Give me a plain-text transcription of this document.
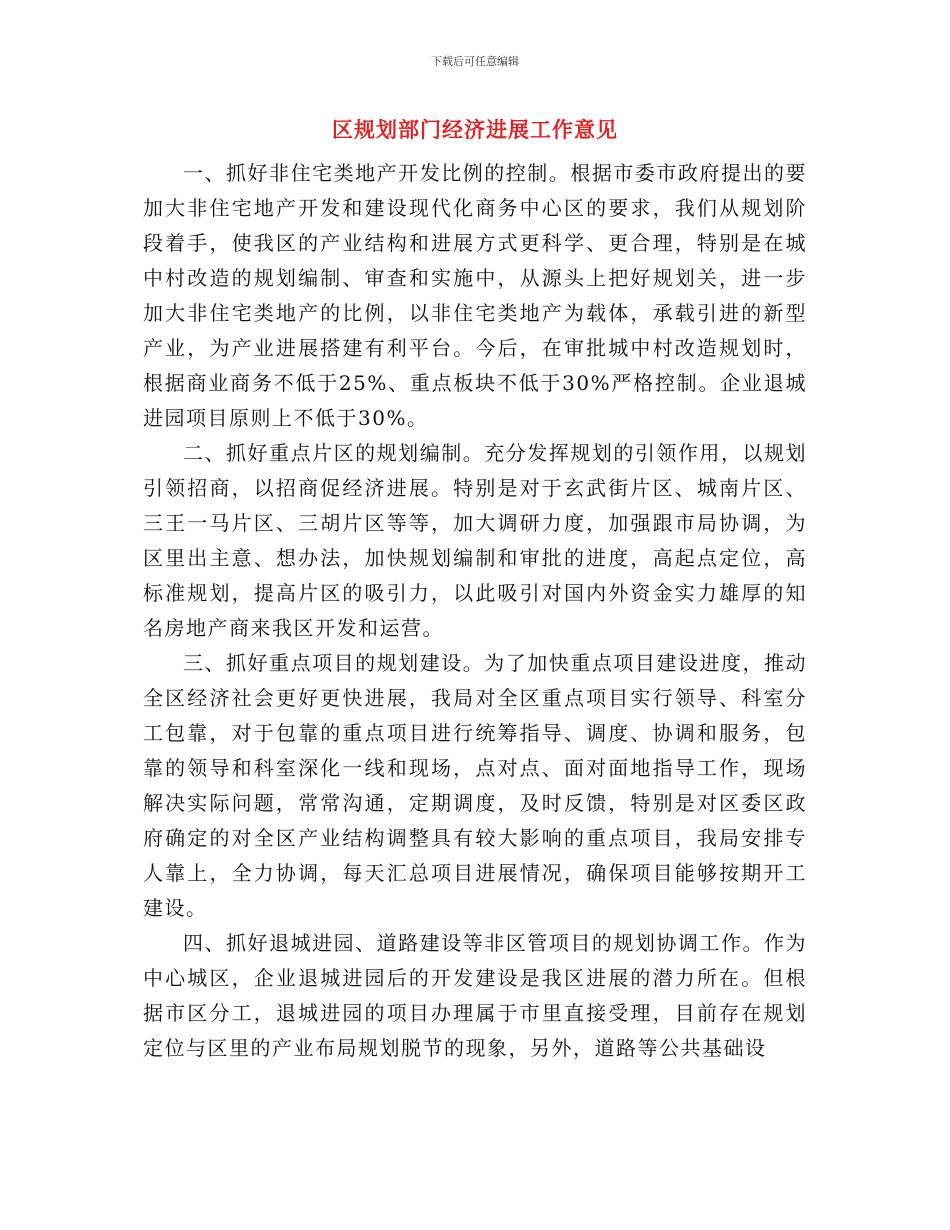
下载后可任意编辑
区规划部门经济进展工作意见

一、抓好非住宅类地产开发比例的控制。根据市委市政府提出的要加大非住宅地产开发和建设现代化商务中心区的要求，我们从规划阶段着手，使我区的产业结构和进展方式更科学、更合理，特别是在城中村改造的规划编制、审查和实施中，从源头上把好规划关，进一步加大非住宅类地产的比例，以非住宅类地产为载体，承载引进的新型产业，为产业进展搭建有利平台。今后，在审批城中村改造规划时，根据商业商务不低于25%、重点板块不低于30%严格控制。企业退城进园项目原则上不低于30%。

二、抓好重点片区的规划编制。充分发挥规划的引领作用，以规划引领招商，以招商促经济进展。特别是对于玄武街片区、城南片区、三王一马片区、三胡片区等等，加大调研力度，加强跟市局协调，为区里出主意、想办法，加快规划编制和审批的进度，高起点定位，高标准规划，提高片区的吸引力，以此吸引对国内外资金实力雄厚的知名房地产商来我区开发和运营。

三、抓好重点项目的规划建设。为了加快重点项目建设进度，推动全区经济社会更好更快进展，我局对全区重点项目实行领导、科室分工包靠，对于包靠的重点项目进行统筹指导、调度、协调和服务，包靠的领导和科室深化一线和现场，点对点、面对面地指导工作，现场解决实际问题，常常沟通，定期调度，及时反馈，特别是对区委区政府确定的对全区产业结构调整具有较大影响的重点项目，我局安排专人靠上，全力协调，每天汇总项目进展情况，确保项目能够按期开工建设。

四、抓好退城进园、道路建设等非区管项目的规划协调工作。作为中心城区，企业退城进园后的开发建设是我区进展的潜力所在。但根据市区分工，退城进园的项目办理属于市里直接受理，目前存在规划定位与区里的产业布局规划脱节的现象，另外，道路等公共基础设
